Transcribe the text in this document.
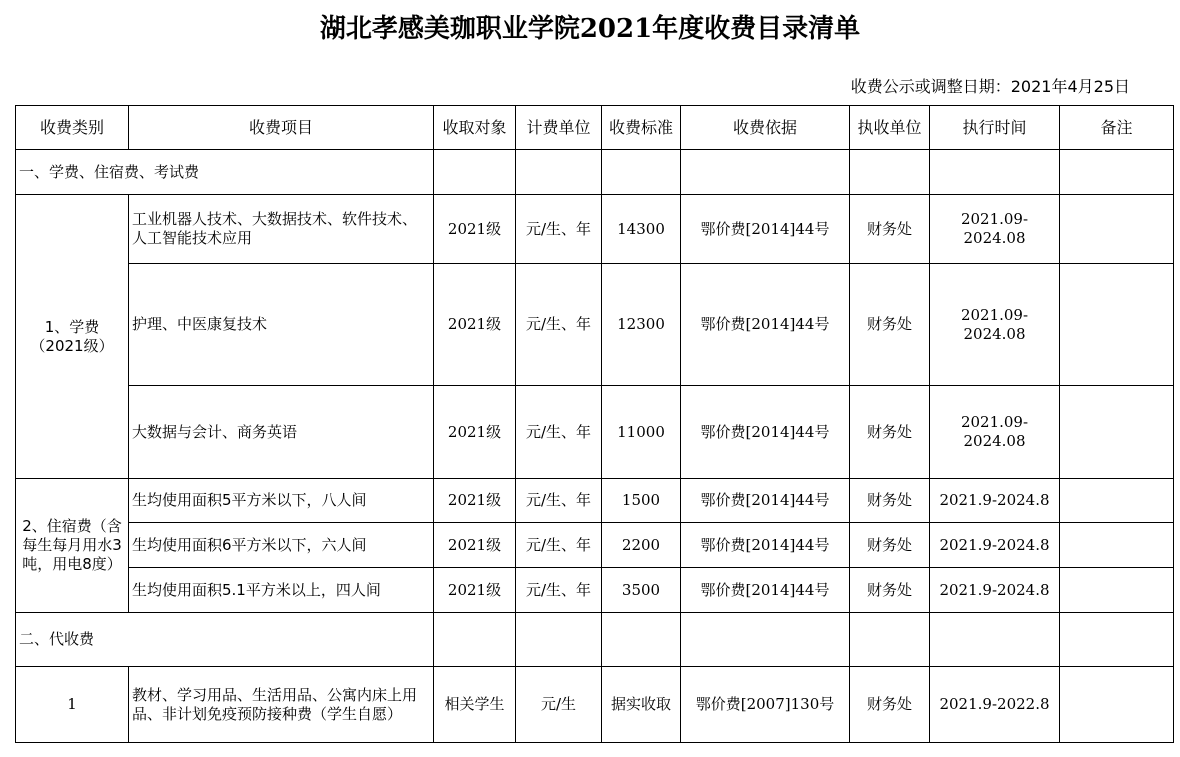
湖北孝感美珈职业学院2021年度收费目录清单
收费公示或调整日期：2021年4月25日
收费类别	收费项目	收取对象	计费单位	收费标准	收费依据	执收单位	执行时间	备注
一、学费、住宿费、考试费								
1、学费（2021级）	工业机器人技术、大数据技术、软件技术、人工智能技术应用	2021级	元/生、年	14300	鄂价费[2014]44号	财务处	2021.09-2024.08	
	护理、中医康复技术	2021级	元/生、年	12300	鄂价费[2014]44号	财务处	2021.09-2024.08	
	大数据与会计、商务英语	2021级	元/生、年	11000	鄂价费[2014]44号	财务处	2021.09-2024.08	
2、住宿费（含每生每月用水3吨，用电8度）	生均使用面积5平方米以下，八人间	2021级	元/生、年	1500	鄂价费[2014]44号	财务处	2021.9-2024.8	
	生均使用面积6平方米以下，六人间	2021级	元/生、年	2200	鄂价费[2014]44号	财务处	2021.9-2024.8	
	生均使用面积5.1平方米以上，四人间	2021级	元/生、年	3500	鄂价费[2014]44号	财务处	2021.9-2024.8	
二、代收费								
1	教材、学习用品、生活用品、公寓内床上用品、非计划免疫预防接种费（学生自愿）	相关学生	元/生	据实收取	鄂价费[2007]130号	财务处	2021.9-2022.8	
